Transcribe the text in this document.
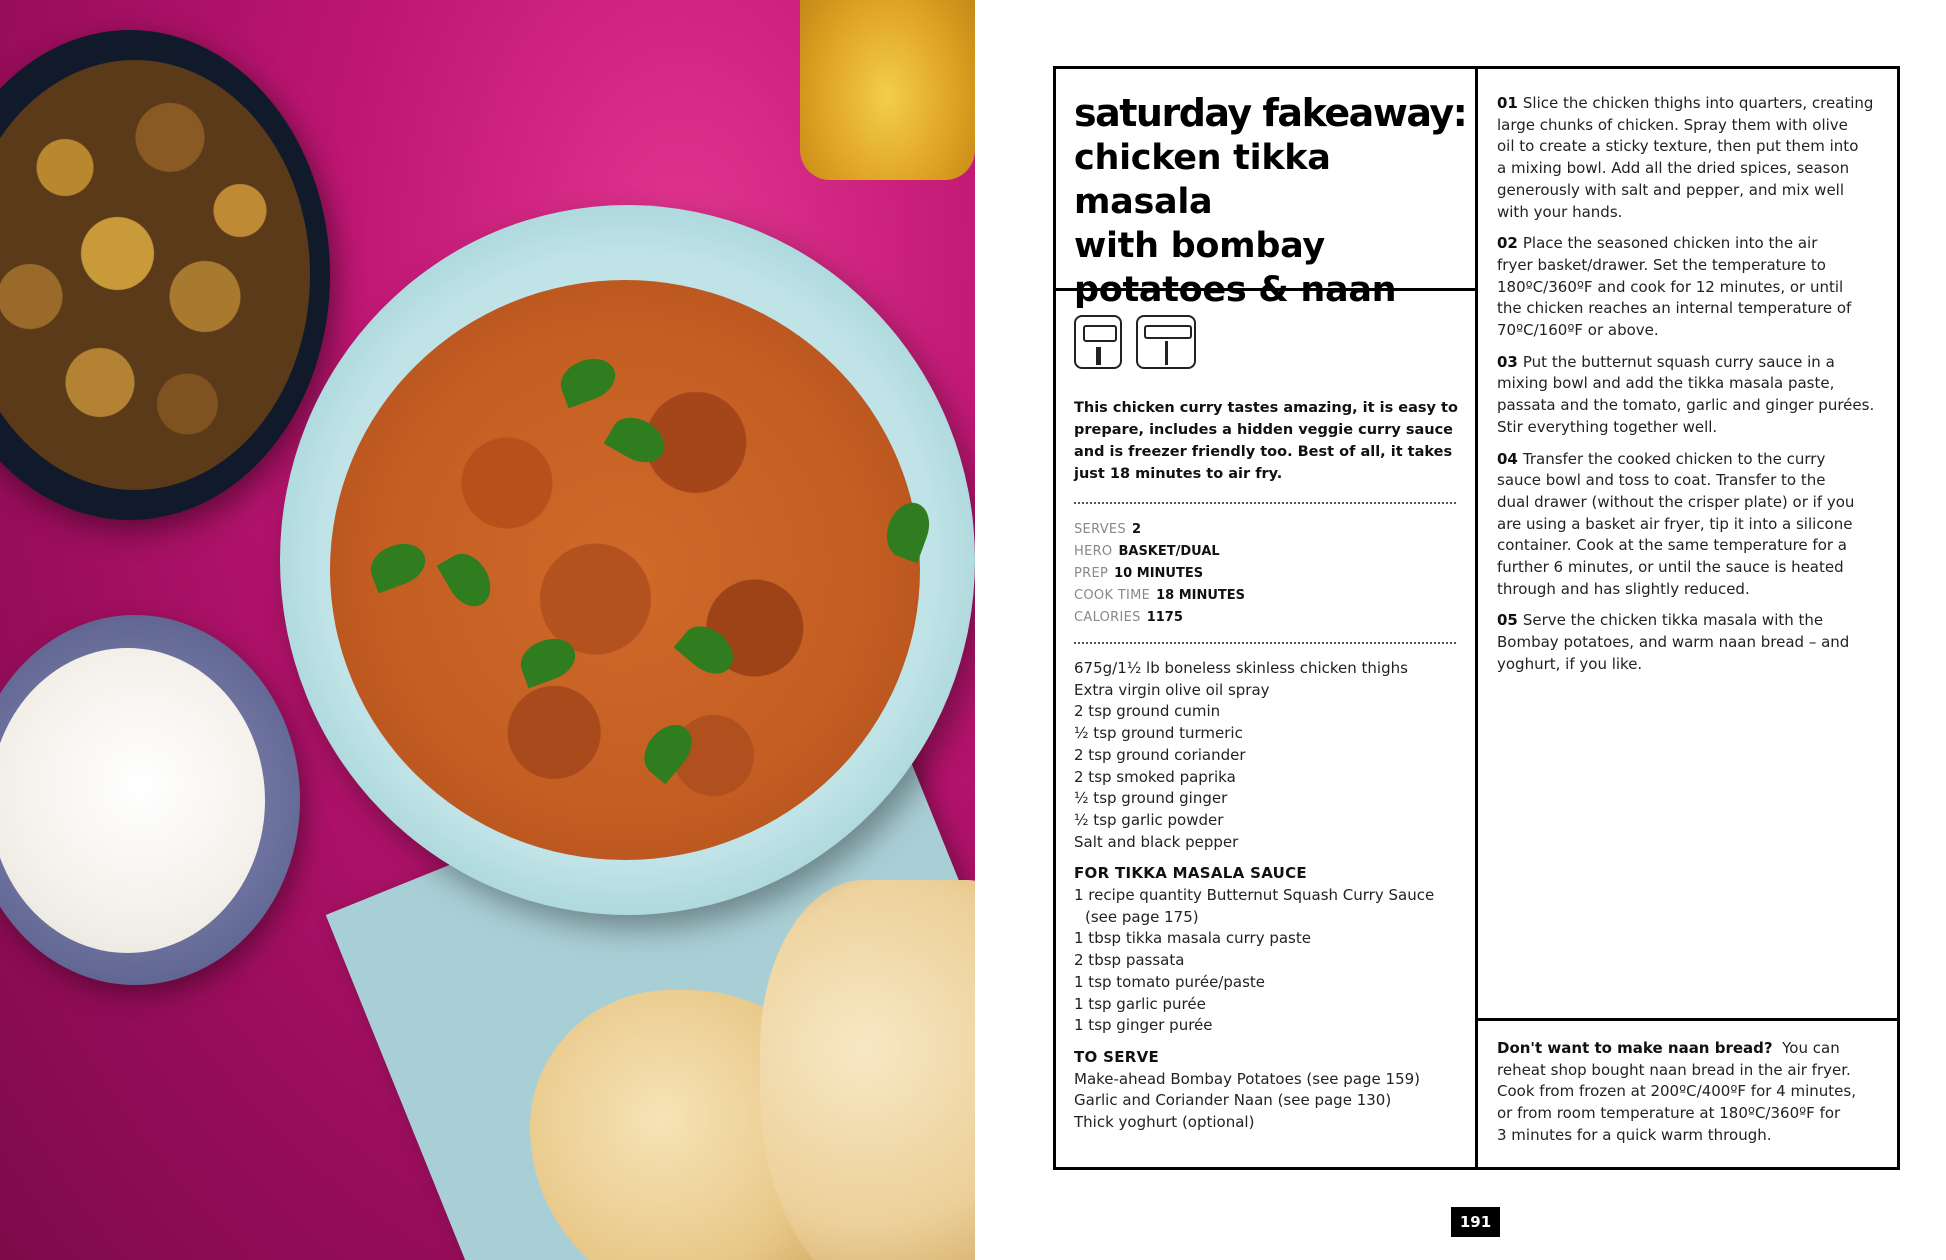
saturday fakeaway:
chicken tikka masala
with bombay
potatoes & naan

This chicken curry tastes amazing, it is easy to prepare, includes a hidden veggie curry sauce and is freezer friendly too. Best of all, it takes just 18 minutes to air fry.

SERVES 2
HERO BASKET/DUAL
PREP 10 MINUTES
COOK TIME 18 MINUTES
CALORIES 1175
675g/1½ lb boneless skinless chicken thighs
Extra virgin olive oil spray
2 tsp ground cumin
½ tsp ground turmeric
2 tsp ground coriander
2 tsp smoked paprika
½ tsp ground ginger
½ tsp garlic powder
Salt and black pepper
FOR TIKKA MASALA SAUCE
1 recipe quantity Butternut Squash Curry Sauce
(see page 175)
1 tbsp tikka masala curry paste
2 tbsp passata
1 tsp tomato purée/paste
1 tsp garlic purée
1 tsp ginger purée
TO SERVE
Make-ahead Bombay Potatoes (see page 159)
Garlic and Coriander Naan (see page 130)
Thick yoghurt (optional)
01 Slice the chicken thighs into quarters, creating
large chunks of chicken. Spray them with olive
oil to create a sticky texture, then put them into
a mixing bowl. Add all the dried spices, season
generously with salt and pepper, and mix well
with your hands.
02 Place the seasoned chicken into the air
fryer basket/drawer. Set the temperature to
180ºC/360ºF and cook for 12 minutes, or until
the chicken reaches an internal temperature of
70ºC/160ºF or above.
03 Put the butternut squash curry sauce in a
mixing bowl and add the tikka masala paste,
passata and the tomato, garlic and ginger purées.
Stir everything together well.
04 Transfer the cooked chicken to the curry
sauce bowl and toss to coat. Transfer to the
dual drawer (without the crisper plate) or if you
are using a basket air fryer, tip it into a silicone
container. Cook at the same temperature for a
further 6 minutes, or until the sauce is heated
through and has slightly reduced.
05 Serve the chicken tikka masala with the
Bombay potatoes, and warm naan bread – and
yoghurt, if you like.
Don't want to make naan bread? You can
reheat shop bought naan bread in the air fryer.
Cook from frozen at 200ºC/400ºF for 4 minutes,
or from room temperature at 180ºC/360ºF for
3 minutes for a quick warm through.
191
